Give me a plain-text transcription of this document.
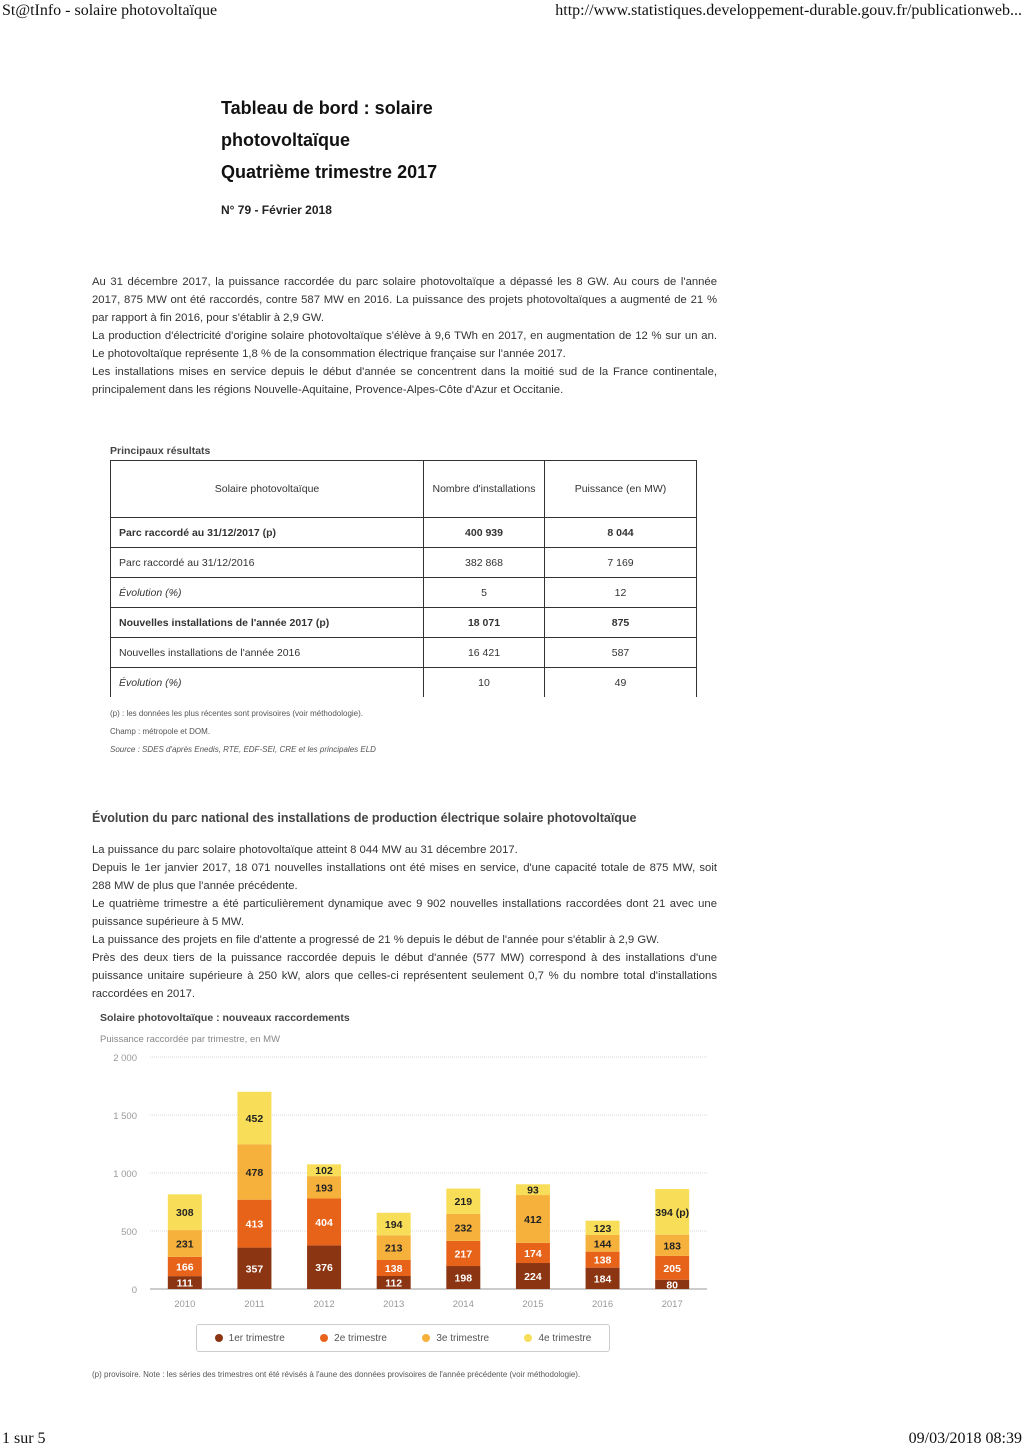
St@tInfo - solaire photovoltaïque	http://www.statistiques.developpement-durable.gouv.fr/publicationweb...

Tableau de bord : solaire

photovoltaïque

Quatrième trimestre 2017

N° 79 - Février 2018

Au 31 décembre 2017, la puissance raccordée du parc solaire photovoltaïque a dépassé les 8 GW. Au cours de l'année 2017, 875 MW ont été raccordés, contre 587 MW en 2016. La puissance des projets photovoltaïques a augmenté de 21 % par rapport à fin 2016, pour s'établir à 2,9 GW.

La production d'électricité d'origine solaire photovoltaïque s'élève à 9,6 TWh en 2017, en augmentation de 12 % sur un an. Le photovoltaïque représente 1,8 % de la consommation électrique française sur l'année 2017.

Les installations mises en service depuis le début d'année se concentrent dans la moitié sud de la France continentale, principalement dans les régions Nouvelle-Aquitaine, Provence-Alpes-Côte d'Azur et Occitanie.

Principaux résultats
Solaire photovoltaïque	Nombre d'installations	Puissance (en MW)
Parc raccordé au 31/12/2017 (p)	400 939	8 044
Parc raccordé au 31/12/2016	382 868	7 169
Évolution (%)	5	12
Nouvelles installations de l'année 2017 (p)	18 071	875
Nouvelles installations de l'année 2016	16 421	587
Évolution (%)	10	49
(p) : les données les plus récentes sont provisoires (voir méthodologie).
Champ : métropole et DOM.
Source : SDES d'après Enedis, RTE, EDF-SEI, CRE et les principales ELD
Évolution du parc national des installations de production électrique solaire photovoltaïque

La puissance du parc solaire photovoltaïque atteint 8 044 MW au 31 décembre 2017.

Depuis le 1er janvier 2017, 18 071 nouvelles installations ont été mises en service, d'une capacité totale de 875 MW, soit 288 MW de plus que l'année précédente.

Le quatrième trimestre a été particulièrement dynamique avec 9 902 nouvelles installations raccordées dont 21 avec une puissance supérieure à 5 MW.

La puissance des projets en file d'attente a progressé de 21 % depuis le début de l'année pour s'établir à 2,9 GW.

Près des deux tiers de la puissance raccordée depuis le début d'année (577 MW) correspond à des installations d'une puissance unitaire supérieure à 250 kW, alors que celles-ci représentent seulement 0,7 % du nombre total d'installations raccordées en 2017.

Solaire photovoltaïque : nouveaux raccordements
Puissance raccordée par trimestre, en MW
0
500
1 000
1 500
2 000
111
166
231
308
2010
357
413
478
452
2011
376
404
193
102
2012
112
138
213
194
2013
198
217
232
219
2014
224
174
412
93
2015
184
138
144
123
2016
80
205
183
394 (p)
2017
1er trimestre	2e trimestre	3e trimestre	4e trimestre
(p) provisoire. Note : les séries des trimestres ont été révisés à l'aune des données provisoires de l'année précédente (voir méthodologie).
1 sur 5	09/03/2018 08:39
